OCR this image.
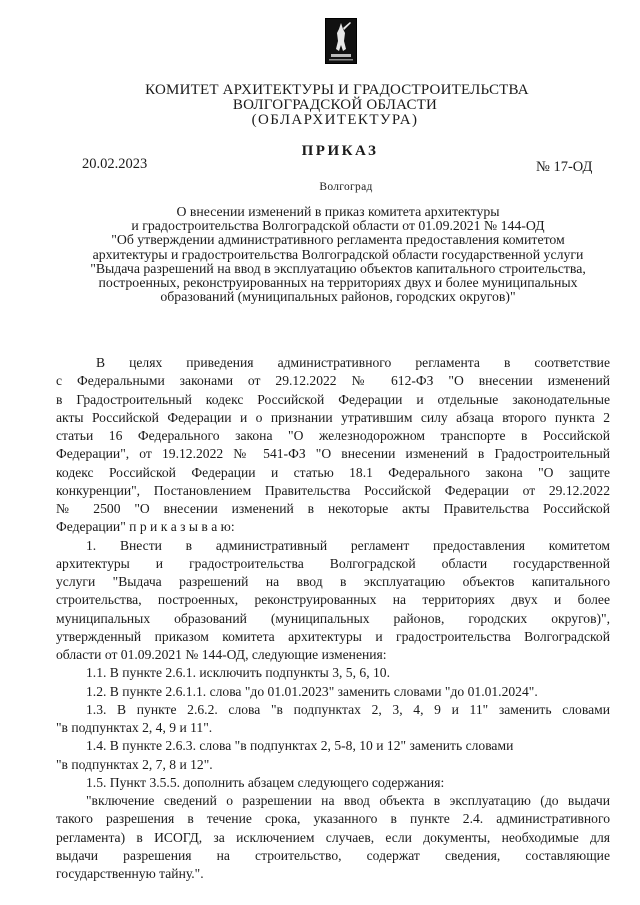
КОМИТЕТ АРХИТЕКТУРЫ И ГРАДОСТРОИТЕЛЬСТВА
ВОЛГОГРАДСКОЙ ОБЛАСТИ
(ОБЛАРХИТЕКТУРА)
ПРИКАЗ
20.02.2023	№ 17-ОД
Волгоград
О внесении изменений в приказ комитета архитектуры
и градостроительства Волгоградской области от 01.09.2021 № 144-ОД
"Об утверждении административного регламента предоставления комитетом
архитектуры и градостроительства Волгоградской области государственной услуги
"Выдача разрешений на ввод в эксплуатацию объектов капитального строительства,
построенных, реконструированных на территориях двух и более муниципальных
образований (муниципальных районов, городских округов)"
В целях приведения административного регламента в соответствие
с Федеральными законами от 29.12.2022 № 612-ФЗ "О внесении изменений
в Градостроительный кодекс Российской Федерации и отдельные законодательные
акты Российской Федерации и о признании утратившим силу абзаца второго пункта 2
статьи 16 Федерального закона "О железнодорожном транспорте в Российской
Федерации", от 19.12.2022 № 541-ФЗ "О внесении изменений в Градостроительный
кодекс Российской Федерации и статью 18.1 Федерального закона "О защите
конкуренции", Постановлением Правительства Российской Федерации от 29.12.2022
№ 2500 "О внесении изменений в некоторые акты Правительства Российской
Федерации" п р и к а з ы в а ю:
1. Внести в административный регламент предоставления комитетом
архитектуры и градостроительства Волгоградской области государственной
услуги "Выдача разрешений на ввод в эксплуатацию объектов капитального
строительства, построенных, реконструированных на территориях двух и более
муниципальных образований (муниципальных районов, городских округов)",
утвержденный приказом комитета архитектуры и градостроительства Волгоградской
области от 01.09.2021 № 144-ОД, следующие изменения:
1.1. В пункте 2.6.1. исключить подпункты 3, 5, 6, 10.
1.2. В пункте 2.6.1.1. слова "до 01.01.2023" заменить словами "до 01.01.2024".
1.3. В пункте 2.6.2. слова "в подпунктах 2, 3, 4, 9 и 11" заменить словами
"в подпунктах 2, 4, 9 и 11".
1.4. В пункте 2.6.3. слова "в подпунктах 2, 5-8, 10 и 12" заменить словами
"в подпунктах 2, 7, 8 и 12".
1.5. Пункт 3.5.5. дополнить абзацем следующего содержания:
"включение сведений о разрешении на ввод объекта в эксплуатацию (до выдачи
такого разрешения в течение срока, указанного в пункте 2.4. административного
регламента) в ИСОГД, за исключением случаев, если документы, необходимые для
выдачи разрешения на строительство, содержат сведения, составляющие
государственную тайну.".
